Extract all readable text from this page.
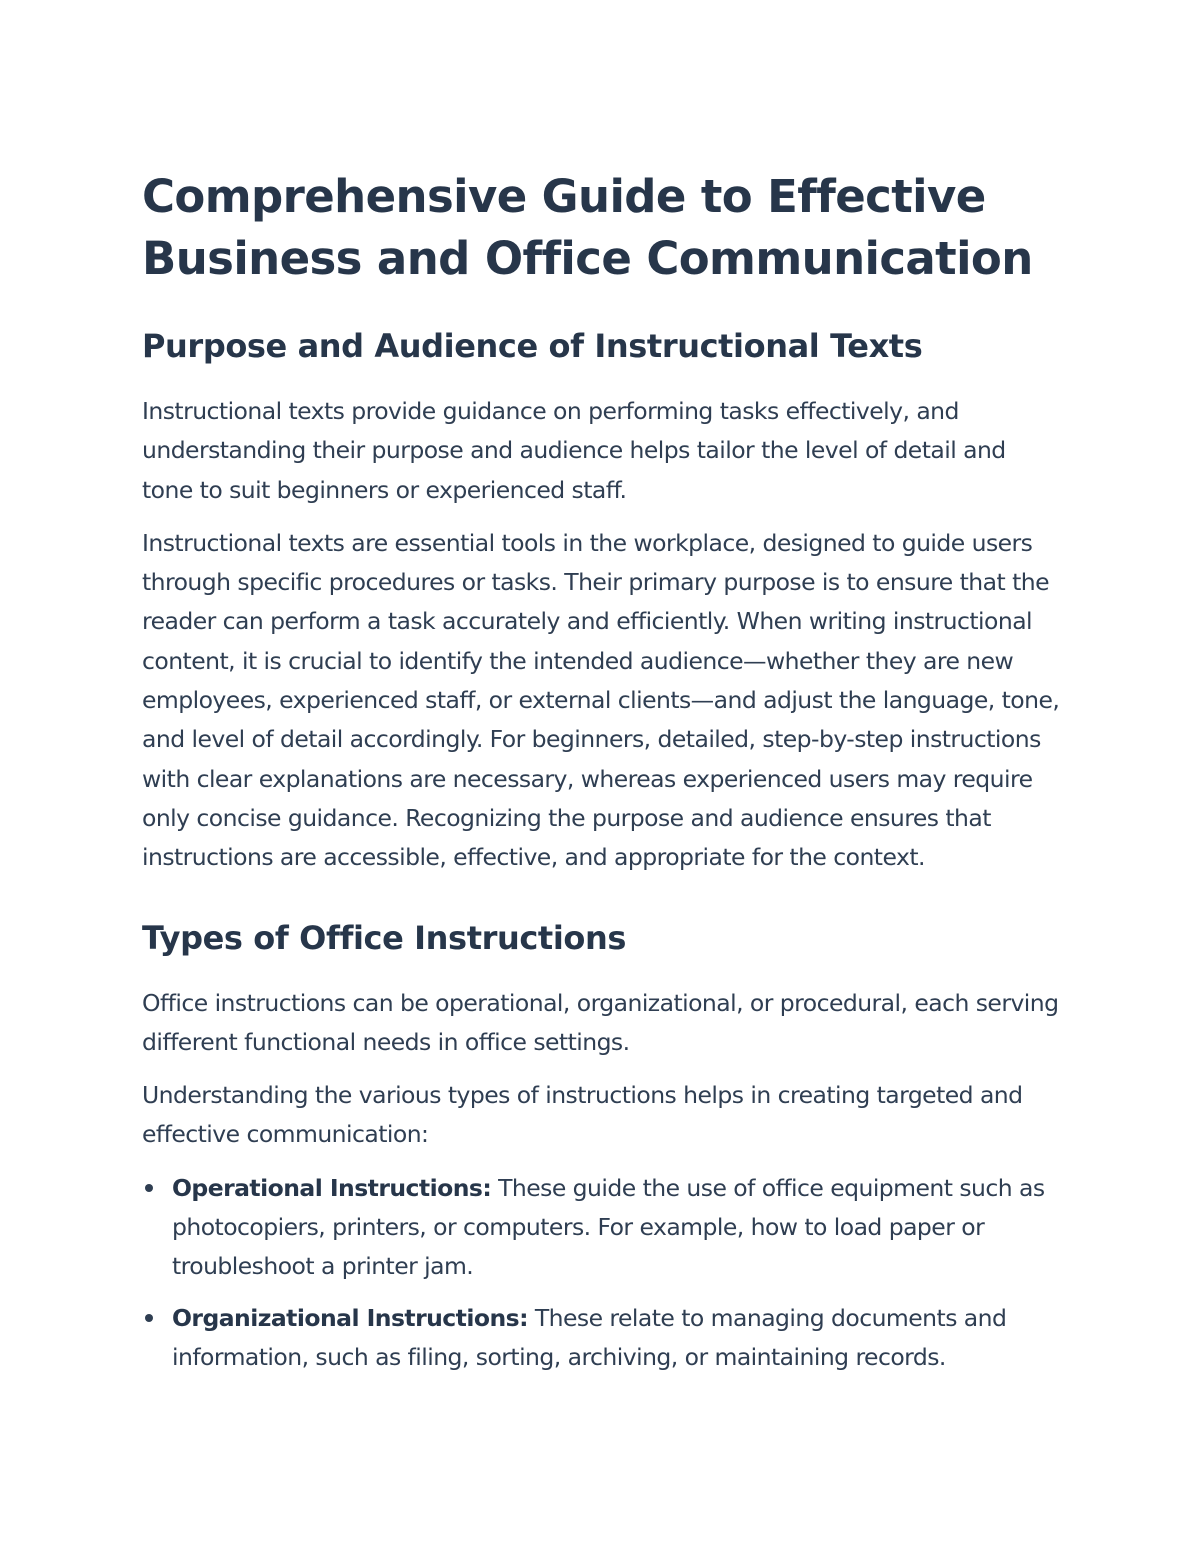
Comprehensive Guide to Effective Business and Office Communication
Purpose and Audience of Instructional Texts

Instructional texts provide guidance on performing tasks effectively, and understanding their purpose and audience helps tailor the level of detail and tone to suit beginners or experienced staff.

Instructional texts are essential tools in the workplace, designed to guide users through specific procedures or tasks. Their primary purpose is to ensure that the reader can perform a task accurately and efficiently. When writing instructional content, it is crucial to identify the intended audience—whether they are new employees, experienced staff, or external clients—and adjust the language, tone, and level of detail accordingly. For beginners, detailed, step-by-step instructions with clear explanations are necessary, whereas experienced users may require only concise guidance. Recognizing the purpose and audience ensures that instructions are accessible, effective, and appropriate for the context.

Types of Office Instructions

Office instructions can be operational, organizational, or procedural, each serving different functional needs in office settings.

Understanding the various types of instructions helps in creating targeted and effective communication:

Operational Instructions: These guide the use of office equipment such as photocopiers, printers, or computers. For example, how to load paper or troubleshoot a printer jam.
Organizational Instructions: These relate to managing documents and information, such as filing, sorting, archiving, or maintaining records.
